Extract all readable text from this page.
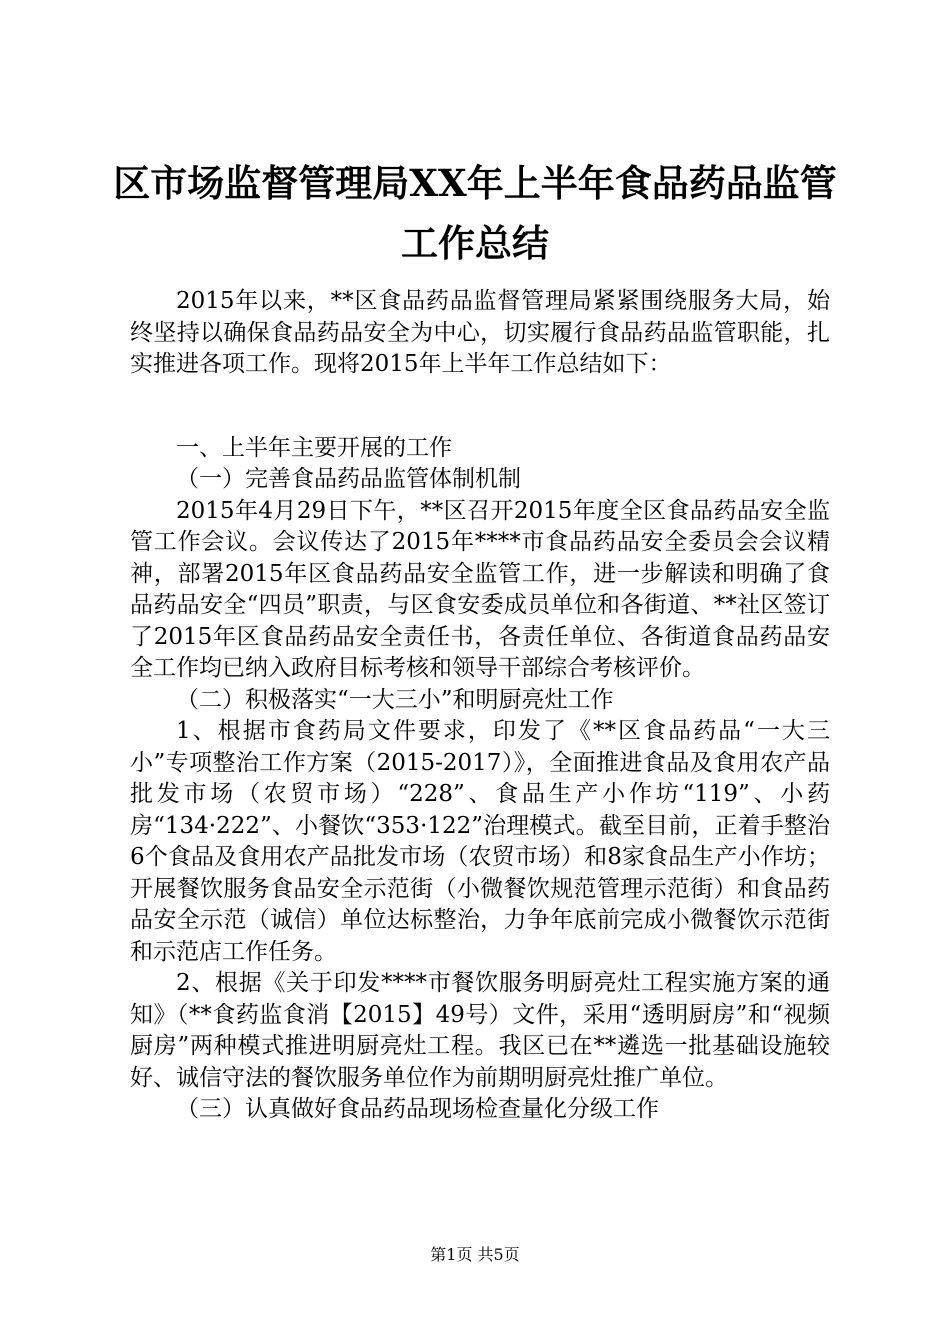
区市场监督管理局XX年上半年食品药品监管
工作总结

2015年以来，**区食品药品监督管理局紧紧围绕服务大局，始终坚持以确保食品药品安全为中心，切实履行食品药品监管职能，扎实推进各项工作。现将2015年上半年工作总结如下：

一、上半年主要开展的工作

（一）完善食品药品监管体制机制

2015年4月29日下午，**区召开2015年度全区食品药品安全监管工作会议。会议传达了2015年****市食品药品安全委员会会议精神，部署2015年区食品药品安全监管工作，进一步解读和明确了食品药品安全“四员”职责，与区食安委成员单位和各街道、**社区签订了2015年区食品药品安全责任书，各责任单位、各街道食品药品安全工作均已纳入政府目标考核和领导干部综合考核评价。

（二）积极落实“一大三小”和明厨亮灶工作

1、根据市食药局文件要求，印发了《**区食品药品“一大三小”专项整治工作方案（2015-2017）》，全面推进食品及食用农产品批发市场（农贸市场）“228”、食品生产小作坊“119”、小药房“134·222”、小餐饮“353·122”治理模式。截至目前，正着手整治6个食品及食用农产品批发市场（农贸市场）和8家食品生产小作坊；开展餐饮服务食品安全示范街（小微餐饮规范管理示范街）和食品药品安全示范（诚信）单位达标整治，力争年底前完成小微餐饮示范街和示范店工作任务。

2、根据《关于印发****市餐饮服务明厨亮灶工程实施方案的通知》（**食药监食消【2015】49号）文件，采用“透明厨房”和“视频厨房”两种模式推进明厨亮灶工程。我区已在**遴选一批基础设施较好、诚信守法的餐饮服务单位作为前期明厨亮灶推广单位。

（三）认真做好食品药品现场检查量化分级工作

第1页 共5页
